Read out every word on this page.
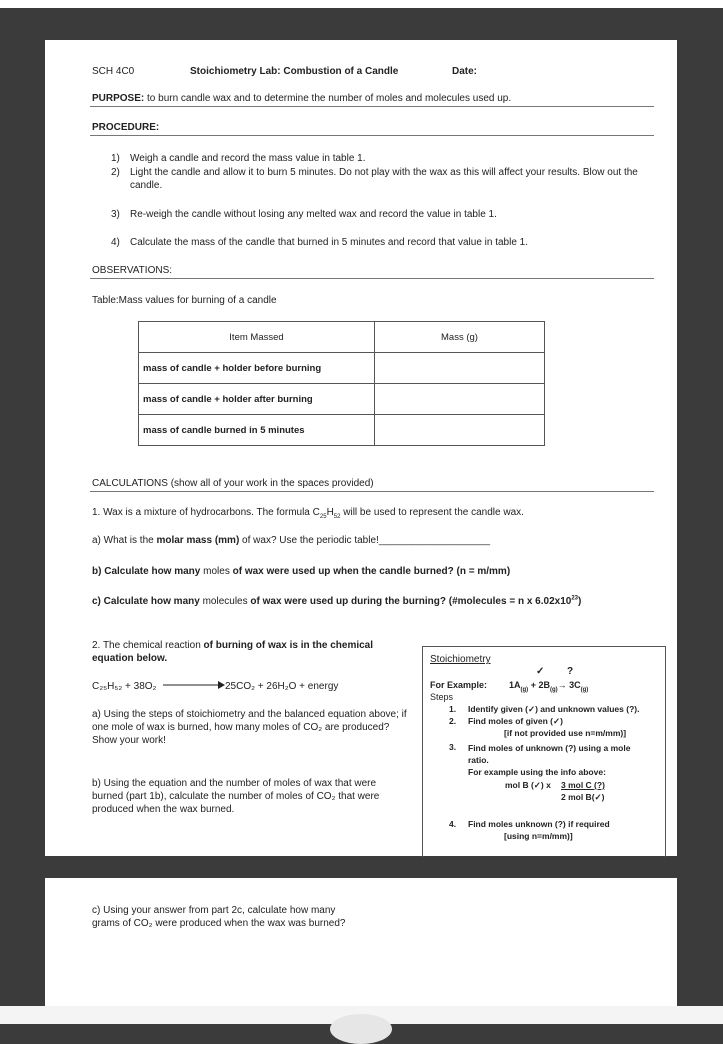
SCH 4C0	Stoichiometry Lab: Combustion of a Candle	Date:
PURPOSE: to burn candle wax and to determine the number of moles and molecules used up.
PROCEDURE:
1) Weigh a candle and record the mass value in table 1.
2) Light the candle and allow it to burn 5 minutes. Do not play with the wax as this will affect your results. Blow out the candle.
3) Re-weigh the candle without losing any melted wax and record the value in table 1.
4) Calculate the mass of the candle that burned in 5 minutes and record that value in table 1.
OBSERVATIONS:
Table:Mass values for burning of a candle
Item Massed	Mass (g)
mass of candle + holder before burning	
mass of candle + holder after burning	
mass of candle burned in 5 minutes	
CALCULATIONS (show all of your work in the spaces provided)
1. Wax is a mixture of hydrocarbons. The formula $C_{25}H_{52}$ will be used to represent the candle wax.
a) What is the molar mass (mm) of wax? Use the periodic table!____________________
b) Calculate how many moles of wax were used up when the candle burned? (n = m/mm)
c) Calculate how many molecules of wax were used up during the burning? (#molecules = n x $6.02x10^{23}$)
2. The chemical reaction of burning of wax is in the chemical
equation below.
C₂₅H₅₂ + 38O₂	25CO₂ + 26H₂O + energy
a) Using the steps of stoichiometry and the balanced equation above; if one mole of wax is burned, how many moles of CO₂ are produced? Show your work!
b) Using the equation and the number of moles of wax that were burned (part 1b), calculate the number of moles of CO₂ that were produced when the wax burned.
Stoichiometry
✓ ?
For Example: $1A_{(g)} + 2B_{(g)}\to 3C_{(g)}$
Steps
1. Identify given (✓) and unknown values (?).
2. Find moles of given (✓)
[if not provided use n=m/mm)]
3. Find moles of unknown (?) using a mole ratio.
For example using the info above:
mol B (✓) x 3 mol C (?)
2 mol B(✓)
4. Find moles unknown (?) if required
[using n=m/mm)]
c) Using your answer from part 2c, calculate how many grams of CO₂ were produced when the wax was burned?
